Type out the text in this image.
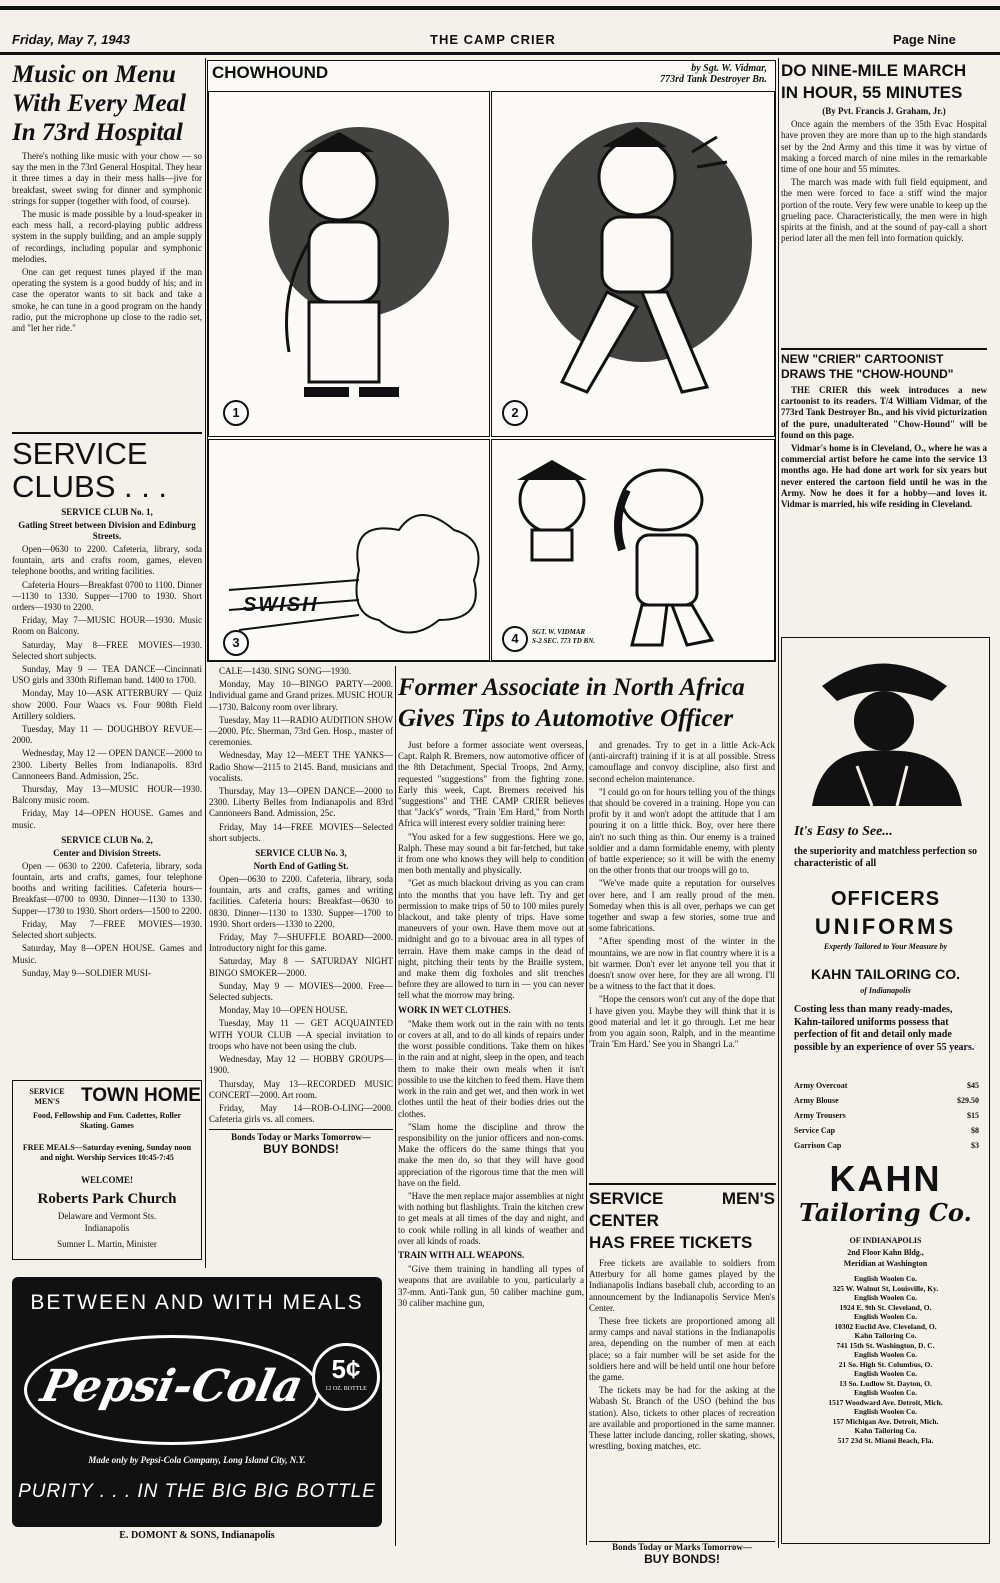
Friday, May 7, 1943	THE CAMP CRIER	Page Nine
Music on Menu
With Every Meal
In 73rd Hospital

There's nothing like music with your chow — so say the men in the 73rd General Hospital. They hear it three times a day in their mess halls—jive for breakfast, sweet swing for dinner and symphonic strings for supper (together with food, of course).

The music is made possible by a loud-speaker in each mess hall, a record-playing public address system in the supply building, and an ample supply of recordings, including popular and symphonic melodies.

One can get request tunes played if the man operating the system is a good buddy of his; and in case the operator wants to sit back and take a smoke, he can tune in a good program on the handy radio, put the microphone up close to the radio set, and "let her ride."

SERVICE
CLUBS . . .
SERVICE CLUB No. 1,
Gatling Street between Division and Edinburg Streets.

Open—0630 to 2200. Cafeteria, library, soda fountain, arts and crafts room, games, eleven telephone booths, and writing facilities.

Cafeteria Hours—Breakfast 0700 to 1100. Dinner—1130 to 1330. Supper—1700 to 1930. Short orders—1930 to 2200.

Friday, May 7—MUSIC HOUR—1930. Music Room on Balcony.

Saturday, May 8—FREE MOVIES—1930. Selected short subjects.

Sunday, May 9 — TEA DANCE—Cincinnati USO girls and 330th Rifleman band. 1400 to 1700.

Monday, May 10—ASK ATTERBURY — Quiz show 2000. Four Waacs vs. Four 908th Field Artillery soldiers.

Tuesday, May 11 — DOUGHBOY REVUE—2000.

Wednesday, May 12 — OPEN DANCE—2000 to 2300. Liberty Belles from Indianapolis. 83rd Cannoneers Band. Admission, 25c.

Thursday, May 13—MUSIC HOUR—1930. Balcony music room.

Friday, May 14—OPEN HOUSE. Games and music.

SERVICE CLUB No. 2,
Center and Division Streets.

Open — 0630 to 2200. Cafeteria, library, soda fountain, arts and crafts, games, four telephone booths and writing facilities. Cafeteria hours—Breakfast—0700 to 0930. Dinner—1130 to 1330. Supper—1730 to 1930. Short orders—1500 to 2200.

Friday, May 7—FREE MOVIES—1930. Selected short subjects.

Saturday, May 8—OPEN HOUSE. Games and Music.

Sunday, May 9—SOLDIER MUSI-

SERVICE MEN'S	TOWN HOME
Food, Fellowship and Fun. Cadettes, Roller Skating. Games
FREE MEALS—Saturday evening, Sunday noon and night. Worship Services 10:45-7:45
WELCOME!
Roberts Park Church
Delaware and Vermont Sts.
Indianapolis
Sumner L. Martin, Minister
BETWEEN AND WITH MEALS
Pepsi-Cola 5¢
12 OZ. BOTTLE
Made only by Pepsi-Cola Company, Long Island City, N.Y.
PURITY . . . IN THE BIG BIG BOTTLE
E. DOMONT & SONS, Indianapolis
CHOWHOUND	by Sgt. W. Vidmar,
773rd Tank Destroyer Bn.
1	2
SWISH
3	4	SGT. W. VIDMAR
S-2 SEC. 773 TD BN.

CALE—1430. SING SONG—1930.

Monday, May 10—BINGO PARTY—2000. Individual game and Grand prizes. MUSIC HOUR—1730. Balcony room over library.

Tuesday, May 11—RADIO AUDITION SHOW—2000. Pfc. Sherman, 73rd Gen. Hosp., master of ceremonies.

Wednesday, May 12—MEET THE YANKS—Radio Show—2115 to 2145. Band, musicians and vocalists.

Thursday, May 13—OPEN DANCE—2000 to 2300. Liberty Belles from Indianapolis and 83rd Cannoneers Band. Admission, 25c.

Friday, May 14—FREE MOVIES—Selected short subjects.

SERVICE CLUB No. 3,
North End of Gatling St.

Open—0630 to 2200. Cafeteria, library, soda fountain, arts and crafts, games and writing facilities. Cafeteria hours: Breakfast—0630 to 0830. Dinner—1130 to 1330. Supper—1700 to 1930. Short orders—1330 to 2200.

Friday, May 7—SHUFFLE BOARD—2000. Introductory night for this game.

Saturday, May 8 — SATURDAY NIGHT BINGO SMOKER—2000.

Sunday, May 9 — MOVIES—2000. Free—Selected subjects.

Monday, May 10—OPEN HOUSE.

Tuesday, May 11 — GET ACQUAINTED WITH YOUR CLUB —A special invitation to troops who have not been using the club.

Wednesday, May 12 — HOBBY GROUPS—1900.

Thursday, May 13—RECORDED MUSIC CONCERT—2000. Art room.

Friday, May 14—ROB-O-LING—2000. Cafeteria girls vs. all comers.

Bonds Today or Marks Tomorrow—
BUY BONDS!
Former Associate in North Africa
Gives Tips to Automotive Officer

Just before a former associate went overseas, Capt. Ralph R. Bremers, now automotive officer of the 8th Detachment, Special Troops, 2nd Army, requested "suggestions" from the fighting zone. Early this week, Capt. Bremers received his "suggestions" and THE CAMP CRIER believes that "Jack's" words, "Train 'Em Hard," from North Africa will interest every soldier training here:

"You asked for a few suggestions. Here we go, Ralph. These may sound a bit far-fetched, but take it from one who knows they will help to condition men both mentally and physically.

"Get as much blackout driving as you can cram into the months that you have left. Try and get permission to make trips of 50 to 100 miles purely blackout, and take plenty of trips. Have some maneuvers of your own. Have them move out at midnight and go to a bivouac area in all types of terrain. Have them make camps in the dead of night, pitching their tents by the Braille system, and make them dig foxholes and slit trenches before they are allowed to turn in — you can never tell what the morrow may bring.

WORK IN WET CLOTHES.

"Make them work out in the rain with no tents or covers at all, and to do all kinds of repairs under the worst possible conditions. Take them on hikes in the rain and at night, sleep in the open, and teach them to make their own meals when it isn't possible to use the kitchen to feed them. Have them work in the rain and get wet, and then work in wet clothes until the heat of their bodies dries out the clothes.

"Slam home the discipline and throw the responsibility on the junior officers and non-coms. Make the officers do the same things that you make the men do, so that they will have good appreciation of the rigorous time that the men will have on the field.

"Have the men replace major assemblies at night with nothing but flashlights. Train the kitchen crew to get meals at all times of the day and night, and to cook while rolling in all kinds of weather and over all kinds of roads.

TRAIN WITH ALL WEAPONS.

"Give them training in handling all types of weapons that are available to you, particularly a 37-mm. Anti-Tank gun, 50 caliber machine gum, 30 caliber machine gun,

and grenades. Try to get in a little Ack-Ack (anti-aircraft) training if it is at all possible. Stress camouflage and convoy discipline, also first and second echelon maintenance.

"I could go on for hours telling you of the things that should be covered in a training. Hope you can profit by it and won't adopt the attitude that I am pouring it on a little thick. Boy, over here there ain't no such thing as thin. Our enemy is a trained soldier and a damn formidable enemy, with plenty of battle experience; so it will be with the enemy on the other fronts that our troops will go to.

"We've made quite a reputation for ourselves over here, and I am really proud of the men. Someday when this is all over, perhaps we can get together and swap a few stories, some true and some fabrications.

"After spending most of the winter in the mountains, we are now in flat country where it is a bit warmer. Don't ever let anyone tell you that it doesn't snow over here, for they are all wrong. I'll be a witness to the fact that it does.

"Hope the censors won't cut any of the dope that I have given you. Maybe they will think that it is good material and let it go through. Let me hear from you again soon, Ralph, and in the meantime 'Train 'Em Hard.' See you in Shangri La."

SERVICE MEN'S CENTER
HAS FREE TICKETS

Free tickets are available to soldiers from Atterbury for all home games played by the Indianapolis Indians baseball club, according to an announcement by the Indianapolis Service Men's Center.

These free tickets are proportioned among all army camps and naval stations in the Indianapolis area, depending on the number of men at each place; so a fair number will be set aside for the soldiers here and will be held until one hour before the game.

The tickets may be had for the asking at the Wabash St. Branch of the USO (behind the bus station). Also, tickets to other places of recreation are available and proportioned in the same manner. These latter include dancing, roller skating, shows, wrestling, boxing matches, etc.

Bonds Today or Marks Tomorrow—
BUY BONDS!
DO NINE-MILE MARCH
IN HOUR, 55 MINUTES
(By Pvt. Francis J. Graham, Jr.)

Once again the members of the 35th Evac Hospital have proven they are more than up to the high standards set by the 2nd Army and this time it was by virtue of making a forced march of nine miles in the remarkable time of one hour and 55 minutes.

The march was made with full field equipment, and the men were forced to face a stiff wind the major portion of the route. Very few were unable to keep up the grueling pace. Characteristically, the men were in high spirits at the finish, and at the sound of pay-call a short period later all the men fell into formation quickly.

NEW "CRIER" CARTOONIST
DRAWS THE "CHOW-HOUND"

THE CRIER this week introduces a new cartoonist to its readers. T/4 William Vidmar, of the 773rd Tank Destroyer Bn., and his vivid picturization of the pure, unadulterated "Chow-Hound" will be found on this page.

Vidmar's home is in Cleveland, O., where he was a commercial artist before he came into the service 13 months ago. He had done art work for six years but never entered the cartoon field until he was in the Army. Now he does it for a hobby—and loves it. Vidmar is married, his wife residing in Cleveland.

It's Easy to See...
the superiority and matchless perfection so characteristic of all
OFFICERS
UNIFORMS
Expertly Tailored to Your Measure by
KAHN TAILORING CO.
of Indianapolis
Costing less than many ready-mades, Kahn-tailored uniforms possess that perfection of fit and detail only made possible by an experience of over 55 years.
Army Overcoat	$45
Army Blouse	$29.50
Army Trousers	$15
Service Cap	$8
Garrison Cap	$3
KAHN
Tailoring Co.
OF INDIANAPOLIS
2nd Floor Kahn Bldg.,
Meridian at Washington
English Woolen Co.
325 W. Walnut St, Louisville, Ky.
English Woolen Co.
1924 E. 9th St. Cleveland, O.
English Woolen Co.
10302 Euclid Ave. Cleveland, O.
Kahn Tailoring Co.
741 15th St. Washington, D. C.
English Woolen Co.
21 So. High St. Columbus, O.
English Woolen Co.
13 So. Ludlow St. Dayton, O.
English Woolen Co.
1517 Woodward Ave. Detroit, Mich.
English Woolen Co.
157 Michigan Ave. Detroit, Mich.
Kahn Tailoring Co.
517 23d St. Miami Beach, Fla.
